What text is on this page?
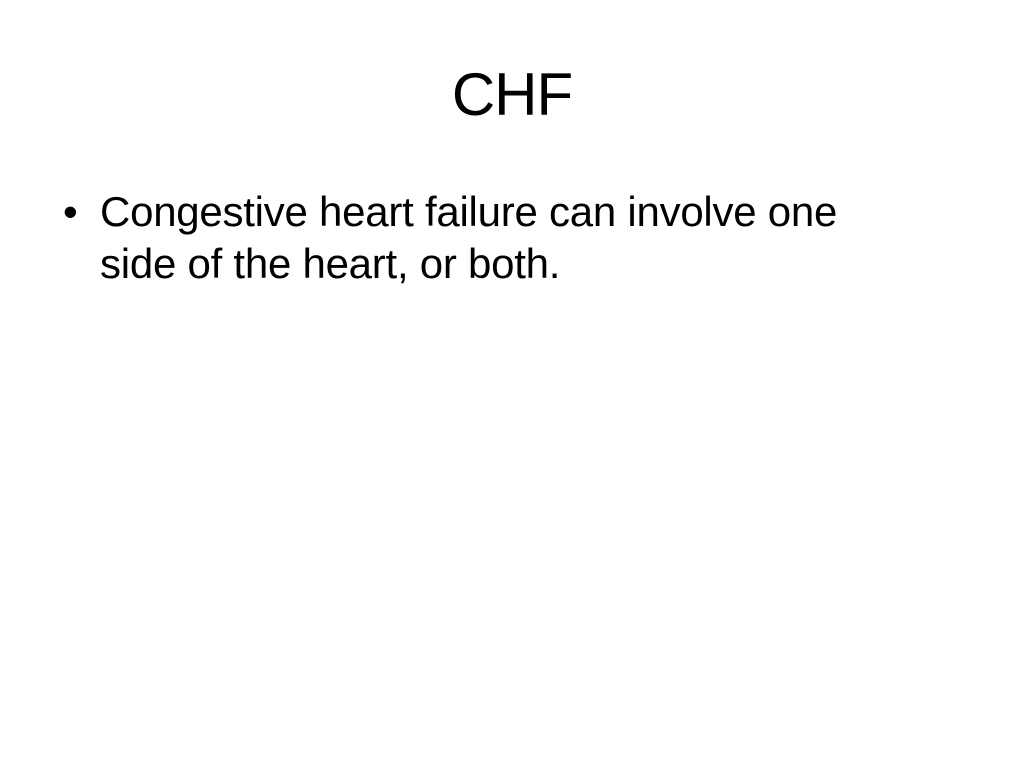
CHF
• Congestive heart failure can involve one side of the heart, or both.
